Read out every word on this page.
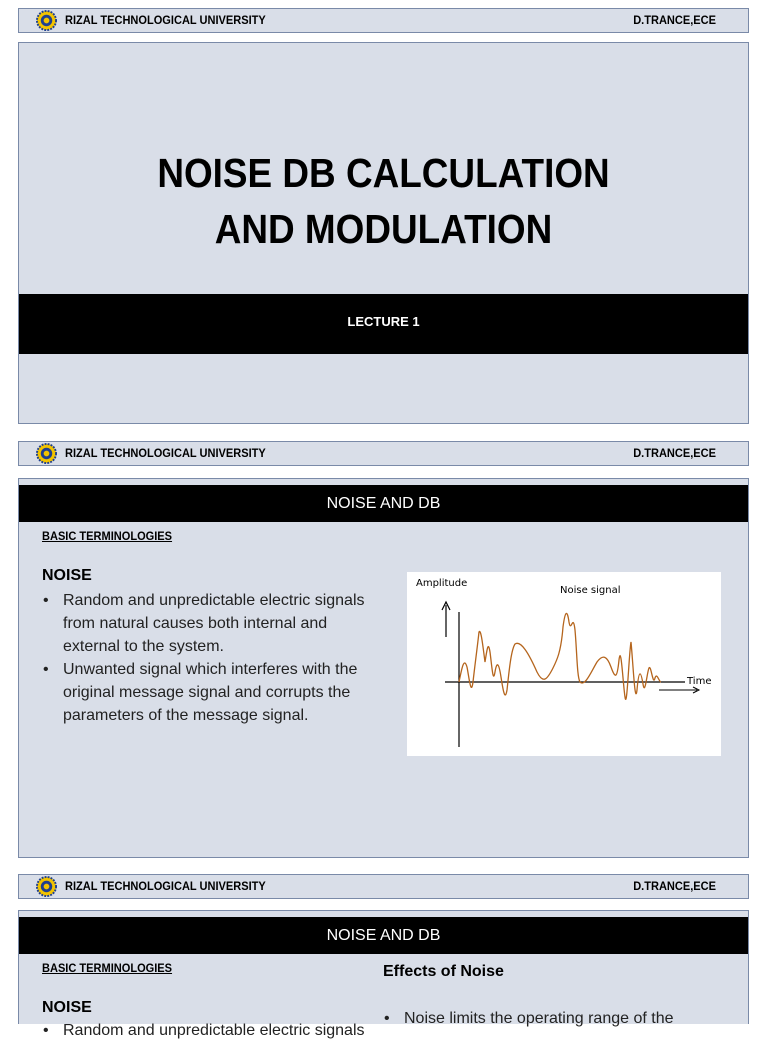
RIZAL TECHNOLOGICAL UNIVERSITY	D.TRANCE,ECE
NOISE DB CALCULATION
AND MODULATION
LECTURE 1
RIZAL TECHNOLOGICAL UNIVERSITY	D.TRANCE,ECE
NOISE AND DB
BASIC TERMINOLOGIES
NOISE
• Random and unpredictable electric signals from natural causes both internal and external to the system.
• Unwanted signal which interferes with the original message signal and corrupts the parameters of the message signal.
Amplitude
Noise signal
Time
RIZAL TECHNOLOGICAL UNIVERSITY	D.TRANCE,ECE
NOISE AND DB
BASIC TERMINOLOGIES	Effects of Noise
NOISE
• Random and unpredictable electric signals
• Noise limits the operating range of the
